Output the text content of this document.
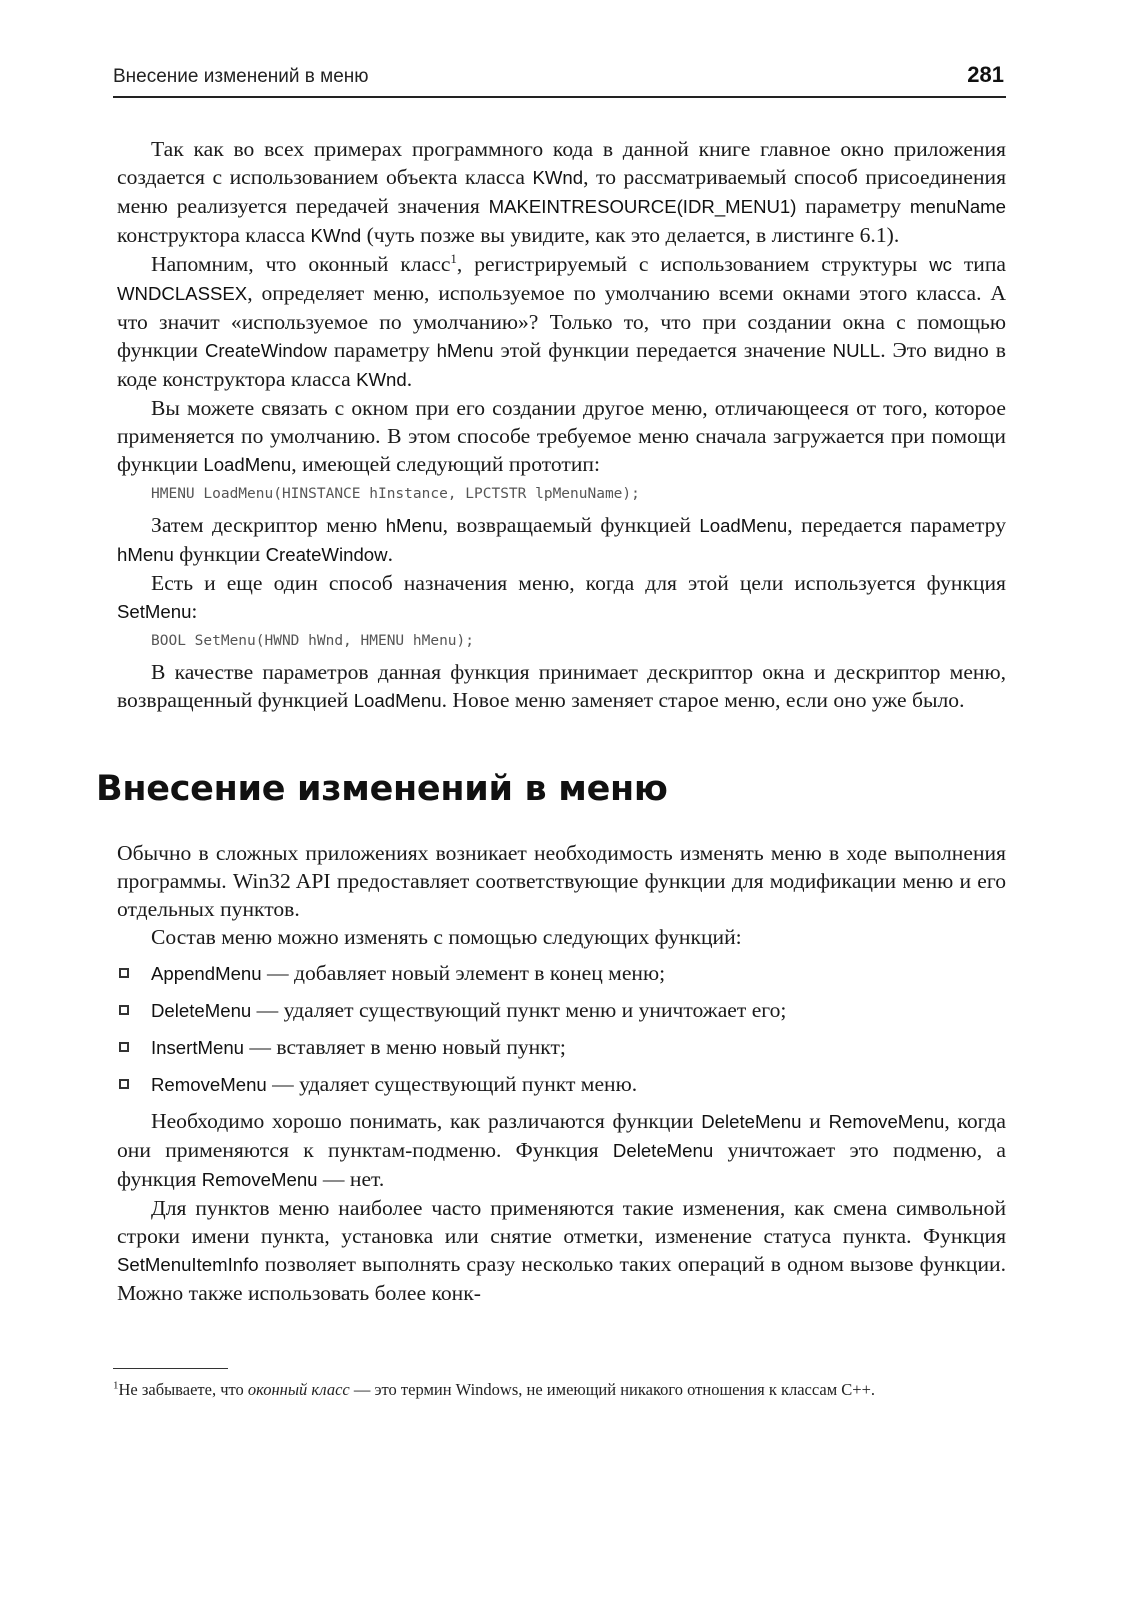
Внесение изменений в меню	281

Так как во всех примерах программного кода в данной книге главное окно приложения создается с использованием объекта класса KWnd, то рассматриваемый способ присоединения меню реализуется передачей значения MAKEINTRESOURCE(IDR_MENU1) параметру menuName конструктора класса KWnd (чуть позже вы увидите, как это делается, в листинге 6.1).

Напомним, что оконный класс$^1$, регистрируемый с использованием структуры wc типа WNDCLASSEX, определяет меню, используемое по умолчанию всеми окнами этого класса. А что значит «используемое по умолчанию»? Только то, что при создании окна с помощью функции CreateWindow параметру hMenu этой функции передается значение NULL. Это видно в коде конструктора класса KWnd.

Вы можете связать с окном при его создании другое меню, отличающееся от того, которое применяется по умолчанию. В этом способе требуемое меню сначала загружается при помощи функции LoadMenu, имеющей следующий прототип:

HMENU LoadMenu(HINSTANCE hInstance, LPCTSTR lpMenuName);

Затем дескриптор меню hMenu, возвращаемый функцией LoadMenu, передается параметру hMenu функции CreateWindow.

Есть и еще один способ назначения меню, когда для этой цели используется функция SetMenu:

BOOL SetMenu(HWND hWnd, HMENU hMenu);

В качестве параметров данная функция принимает дескриптор окна и дескриптор меню, возвращенный функцией LoadMenu. Новое меню заменяет старое меню, если оно уже было.

Внесение изменений в меню

Обычно в сложных приложениях возникает необходимость изменять меню в ходе выполнения программы. Win32 API предоставляет соответствующие функции для модификации меню и его отдельных пунктов.

Состав меню можно изменять с помощью следующих функций:

AppendMenu — добавляет новый элемент в конец меню;
DeleteMenu — удаляет существующий пункт меню и уничтожает его;
InsertMenu — вставляет в меню новый пункт;
RemoveMenu — удаляет существующий пункт меню.

Необходимо хорошо понимать, как различаются функции DeleteMenu и RemoveMenu, когда они применяются к пунктам-подменю. Функция DeleteMenu уничтожает это подменю, а функция RemoveMenu — нет.

Для пунктов меню наиболее часто применяются такие изменения, как смена символьной строки имени пункта, установка или снятие отметки, изменение статуса пункта. Функция SetMenuItemInfo позволяет выполнять сразу несколько таких операций в одном вызове функции. Можно также использовать более конк-

$^1$Не забываете, что оконный класс — это термин Windows, не имеющий никакого отношения к классам C++.
